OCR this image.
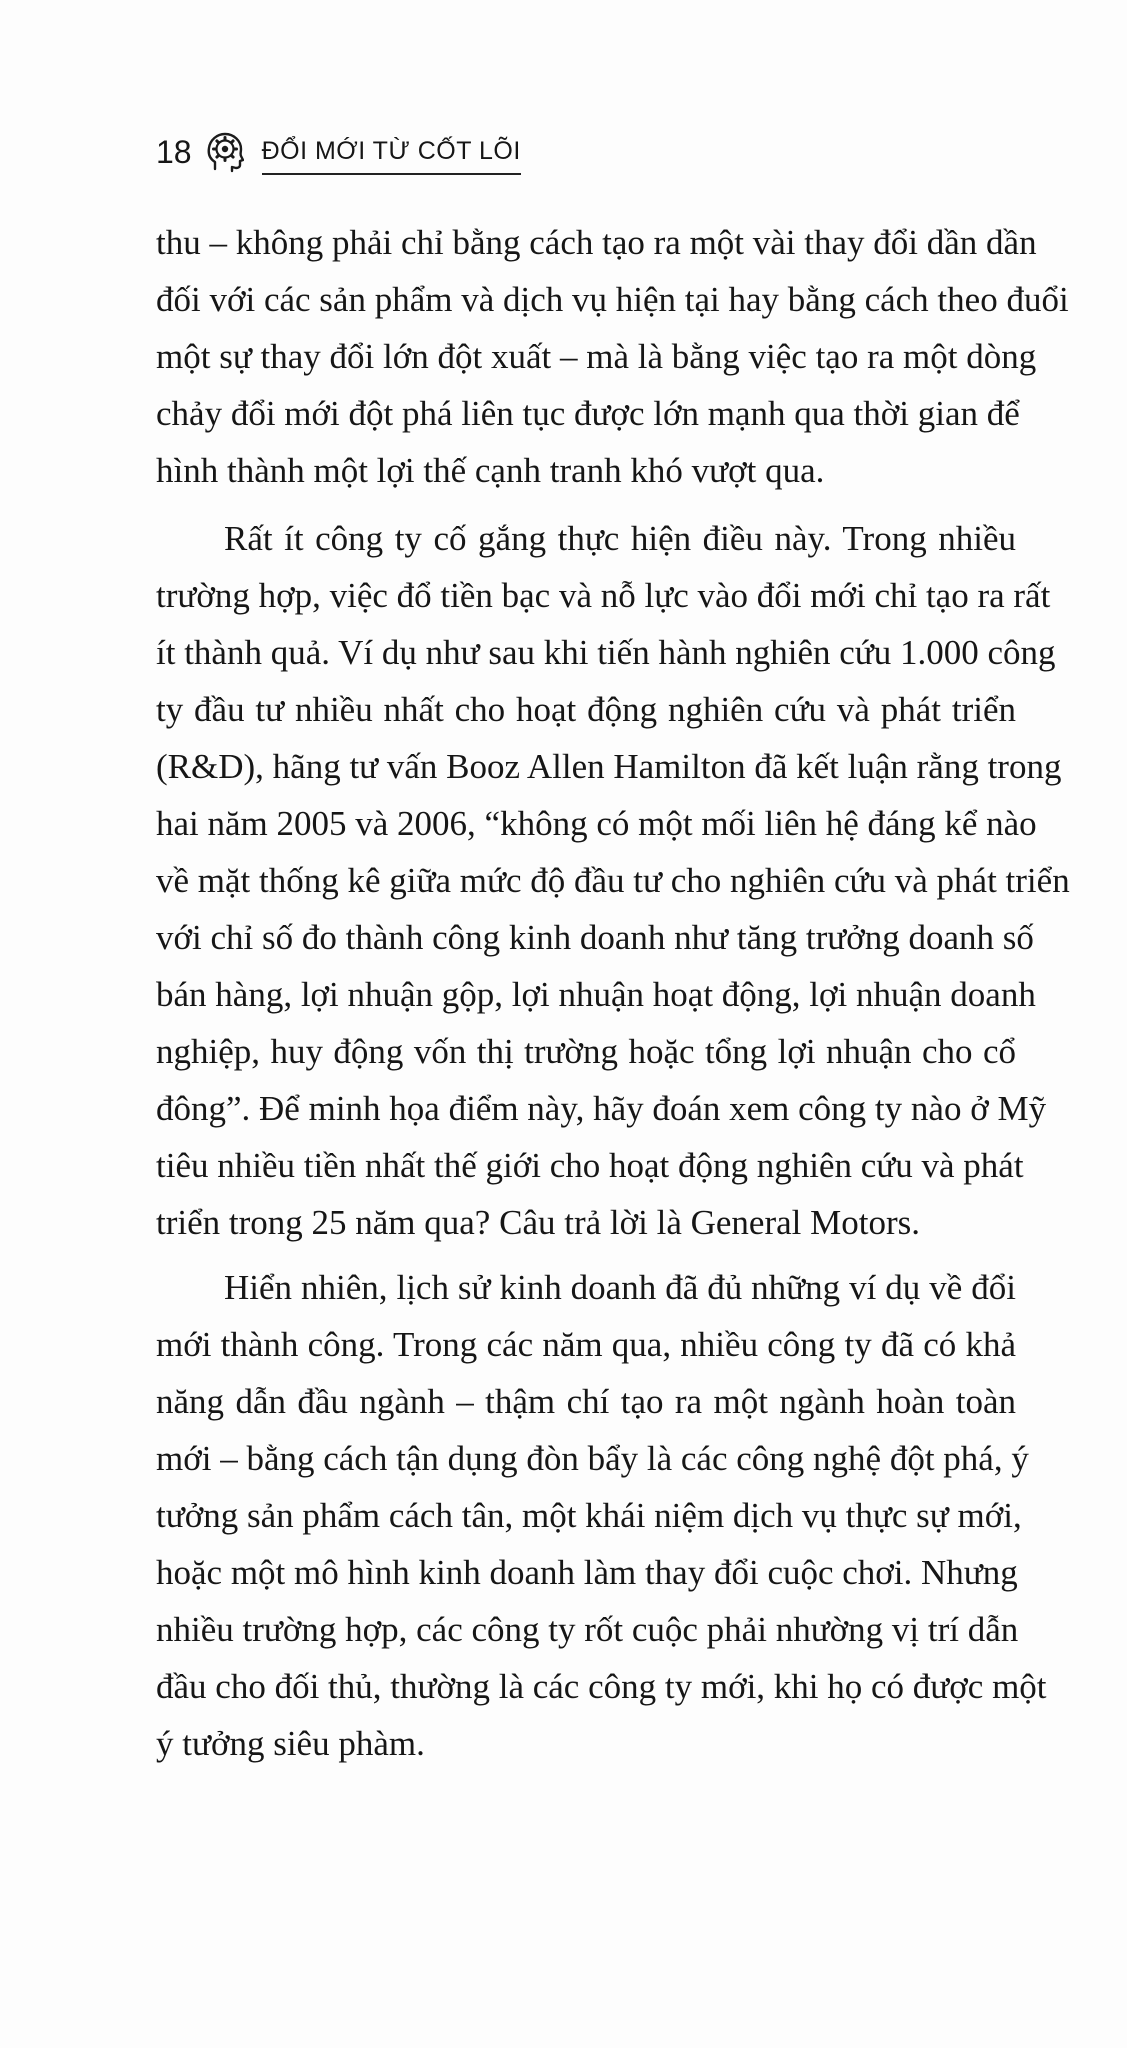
18	ĐỔI MỚI TỪ CỐT LÕI
thu – không phải chỉ bằng cách tạo ra một vài thay đổi dần dần
đối với các sản phẩm và dịch vụ hiện tại hay bằng cách theo đuổi
một sự thay đổi lớn đột xuất – mà là bằng việc tạo ra một dòng
chảy đổi mới đột phá liên tục được lớn mạnh qua thời gian để
hình thành một lợi thế cạnh tranh khó vượt qua.
Rất ít công ty cố gắng thực hiện điều này. Trong nhiều
trường hợp, việc đổ tiền bạc và nỗ lực vào đổi mới chỉ tạo ra rất
ít thành quả. Ví dụ như sau khi tiến hành nghiên cứu 1.000 công
ty đầu tư nhiều nhất cho hoạt động nghiên cứu và phát triển
(R&D), hãng tư vấn Booz Allen Hamilton đã kết luận rằng trong
hai năm 2005 và 2006, “không có một mối liên hệ đáng kể nào
về mặt thống kê giữa mức độ đầu tư cho nghiên cứu và phát triển
với chỉ số đo thành công kinh doanh như tăng trưởng doanh số
bán hàng, lợi nhuận gộp, lợi nhuận hoạt động, lợi nhuận doanh
nghiệp, huy động vốn thị trường hoặc tổng lợi nhuận cho cổ
đông”. Để minh họa điểm này, hãy đoán xem công ty nào ở Mỹ
tiêu nhiều tiền nhất thế giới cho hoạt động nghiên cứu và phát
triển trong 25 năm qua? Câu trả lời là General Motors.
Hiển nhiên, lịch sử kinh doanh đã đủ những ví dụ về đổi
mới thành công. Trong các năm qua, nhiều công ty đã có khả
năng dẫn đầu ngành – thậm chí tạo ra một ngành hoàn toàn
mới – bằng cách tận dụng đòn bẩy là các công nghệ đột phá, ý
tưởng sản phẩm cách tân, một khái niệm dịch vụ thực sự mới,
hoặc một mô hình kinh doanh làm thay đổi cuộc chơi. Nhưng
nhiều trường hợp, các công ty rốt cuộc phải nhường vị trí dẫn
đầu cho đối thủ, thường là các công ty mới, khi họ có được một
ý tưởng siêu phàm.
